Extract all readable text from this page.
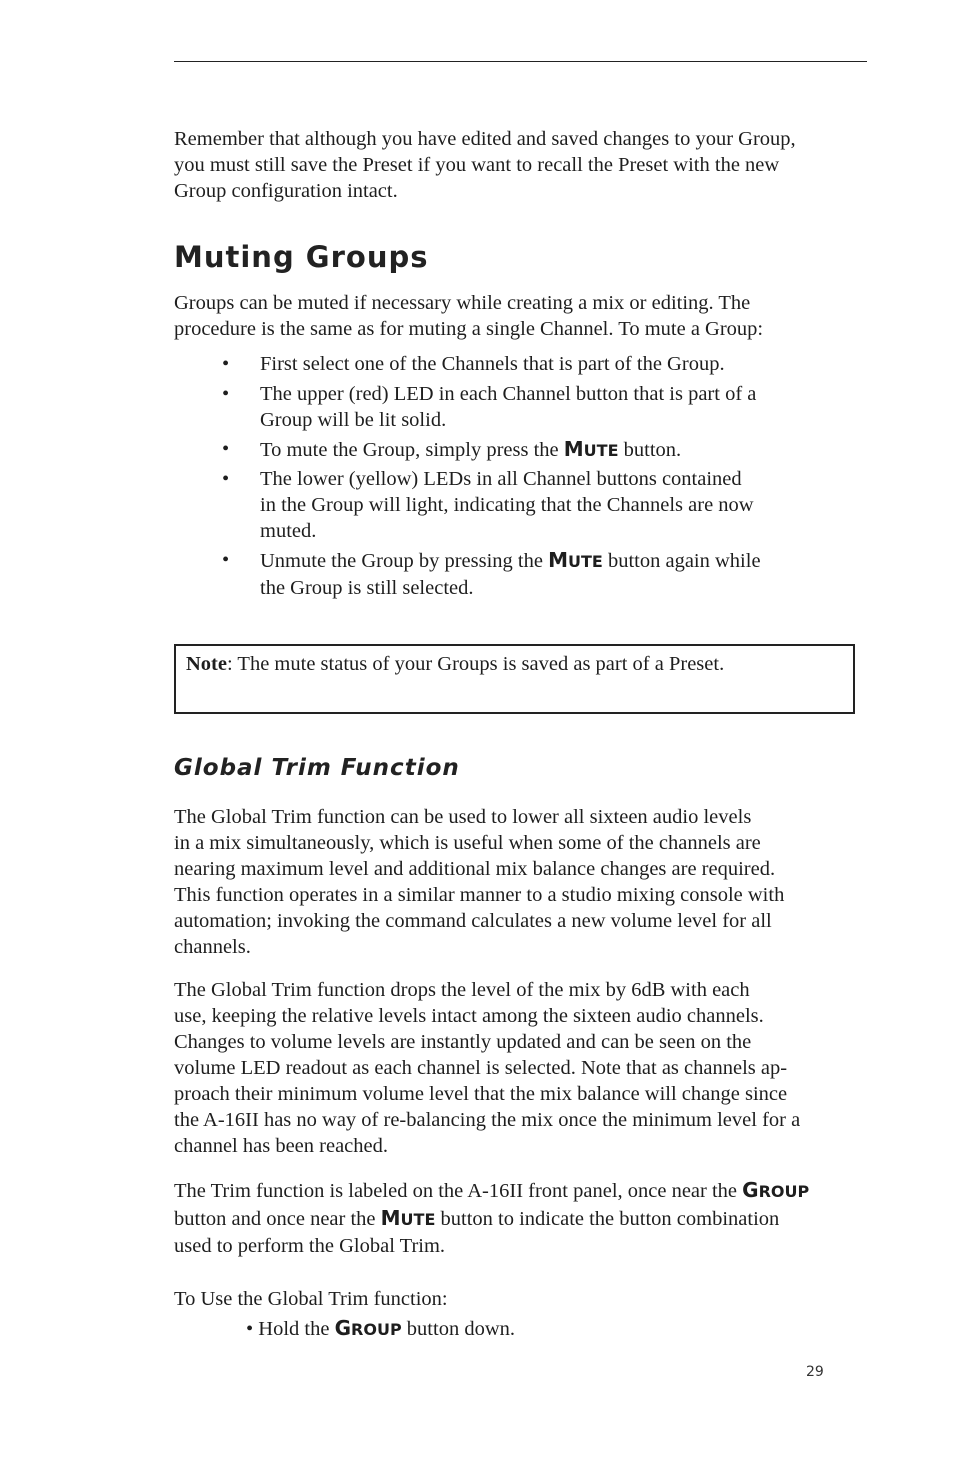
Remember that although you have edited and saved changes to your Group,
you must still save the Preset if you want to recall the Preset with the new
Group configuration intact.

Muting Groups

Groups can be muted if necessary while creating a mix or editing. The
procedure is the same as for muting a single Channel. To mute a Group:

• First select one of the Channels that is part of the Group.
• The upper (red) LED in each Channel button that is part of a
Group will be lit solid.
• To mute the Group, simply press the MUTE button.
• The lower (yellow) LEDs in all Channel buttons contained
in the Group will light, indicating that the Channels are now
muted.
• Unmute the Group by pressing the MUTE button again while
the Group is still selected.
Note: The mute status of your Groups is saved as part of a Preset.
Global Trim Function

The Global Trim function can be used to lower all sixteen audio levels
in a mix simultaneously, which is useful when some of the channels are
nearing maximum level and additional mix balance changes are required.
This function operates in a similar manner to a studio mixing console with
automation; invoking the command calculates a new volume level for all
channels.

The Global Trim function drops the level of the mix by 6dB with each
use, keeping the relative levels intact among the sixteen audio channels.
Changes to volume levels are instantly updated and can be seen on the
volume LED readout as each channel is selected. Note that as channels ap-
proach their minimum volume level that the mix balance will change since
the A-16II has no way of re-balancing the mix once the minimum level for a
channel has been reached.

The Trim function is labeled on the A-16II front panel, once near the GROUP
button and once near the MUTE button to indicate the button combination
used to perform the Global Trim.

To Use the Global Trim function:

• Hold the GROUP button down.

29
